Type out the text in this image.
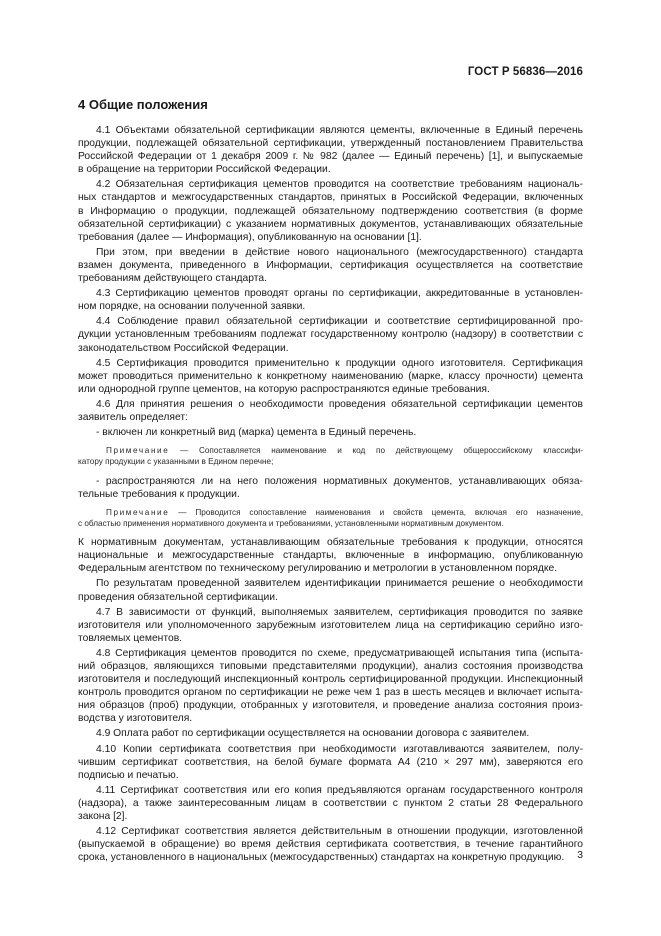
ГОСТ Р 56836—2016
4 Общие положения
4.1 Объектами обязательной сертификации являются цементы, включенные в Единый перечень
продукции, подлежащей обязательной сертификации, утвержденный постановлением Правительства
Российской Федерации от 1 декабря 2009 г. № 982 (далее — Единый перечень) [1], и выпускаемые
в обращение на территории Российской Федерации.
4.2 Обязательная сертификация цементов проводится на соответствие требованиям националь-
ных стандартов и межгосударственных стандартов, принятых в Российской Федерации, включенных
в Информацию о продукции, подлежащей обязательному подтверждению соответствия (в форме
обязательной сертификации) с указанием нормативных документов, устанавливающих обязательные
требования (далее — Информация), опубликованную на основании [1].
При этом, при введении в действие нового национального (межгосударственного) стандарта
взамен документа, приведенного в Информации, сертификация осуществляется на соответствие
требованиям действующего стандарта.
4.3 Сертификацию цементов проводят органы по сертификации, аккредитованные в установлен-
ном порядке, на основании полученной заявки.
4.4 Соблюдение правил обязательной сертификации и соответствие сертифицированной про-
дукции установленным требованиям подлежат государственному контролю (надзору) в соответствии с
законодательством Российской Федерации.
4.5 Сертификация проводится применительно к продукции одного изготовителя. Сертификация
может проводиться применительно к конкретному наименованию (марке, классу прочности) цемента
или однородной группе цементов, на которую распространяются единые требования.
4.6 Для принятия решения о необходимости проведения обязательной сертификации цементов
заявитель определяет:
- включен ли конкретный вид (марка) цемента в Единый перечень.
Примечание — Сопоставляется наименование и код по действующему общероссийскому классифи-
катору продукции с указанными в Едином перечне;
- распространяются ли на него положения нормативных документов, устанавливающих обяза-
тельные требования к продукции.
Примечание — Проводится сопоставление наименования и свойств цемента, включая его назначение,
с областью применения нормативного документа и требованиями, установленными нормативным документом.
К нормативным документам, устанавливающим обязательные требования к продукции, относятся
национальные и межгосударственные стандарты, включенные в информацию, опубликованную
Федеральным агентством по техническому регулированию и метрологии в установленном порядке.
По результатам проведенной заявителем идентификации принимается решение о необходимости
проведения обязательной сертификации.
4.7 В зависимости от функций, выполняемых заявителем, сертификация проводится по заявке
изготовителя или уполномоченного зарубежным изготовителем лица на сертификацию серийно изго-
товляемых цементов.
4.8 Сертификация цементов проводится по схеме, предусматривающей испытания типа (испыта-
ний образцов, являющихся типовыми представителями продукции), анализ состояния производства
изготовителя и последующий инспекционный контроль сертифицированной продукции. Инспекционный
контроль проводится органом по сертификации не реже чем 1 раз в шесть месяцев и включает испыта-
ния образцов (проб) продукции, отобранных у изготовителя, и проведение анализа состояния произ-
водства у изготовителя.
4.9 Оплата работ по сертификации осуществляется на основании договора с заявителем.
4.10 Копии сертификата соответствия при необходимости изготавливаются заявителем, полу-
чившим сертификат соответствия, на белой бумаге формата А4 (210 × 297 мм), заверяются его
подписью и печатью.
4.11 Сертификат соответствия или его копия предъявляются органам государственного контроля
(надзора), а также заинтересованным лицам в соответствии с пунктом 2 статьи 28 Федерального
закона [2].
4.12 Сертификат соответствия является действительным в отношении продукции, изготовленной
(выпускаемой в обращение) во время действия сертификата соответствия, в течение гарантийного
срока, установленного в национальных (межгосударственных) стандартах на конкретную продукцию.	3
